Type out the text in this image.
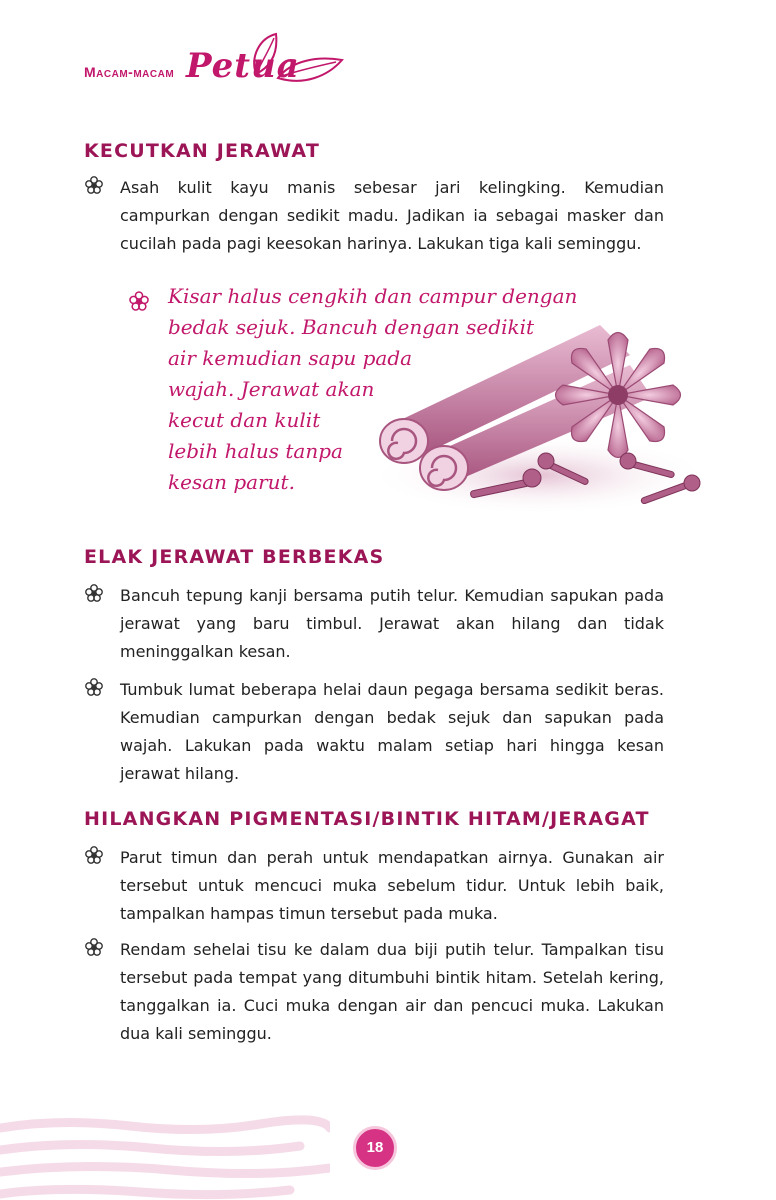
Macam-macam Petua
KECUTKAN JERAWAT
Asah kulit kayu manis sebesar jari kelingking. Kemudian campurkan dengan sedikit madu. Jadikan ia sebagai masker dan cucilah pada pagi keesokan harinya. Lakukan tiga kali seminggu.
Kisar halus cengkih dan campur dengan
bedak sejuk. Bancuh dengan sedikit
air kemudian sapu pada
wajah. Jerawat akan
kecut dan kulit
lebih halus tanpa
kesan parut.
ELAK JERAWAT BERBEKAS
Bancuh tepung kanji bersama putih telur. Kemudian sapukan pada jerawat yang baru timbul. Jerawat akan hilang dan tidak meninggalkan kesan.
Tumbuk lumat beberapa helai daun pegaga bersama sedikit beras. Kemudian campurkan dengan bedak sejuk dan sapukan pada wajah. Lakukan pada waktu malam setiap hari hingga kesan jerawat hilang.
HILANGKAN PIGMENTASI/BINTIK HITAM/JERAGAT
Parut timun dan perah untuk mendapatkan airnya. Gunakan air tersebut untuk mencuci muka sebelum tidur. Untuk lebih baik, tampalkan hampas timun tersebut pada muka.
Rendam sehelai tisu ke dalam dua biji putih telur. Tampalkan tisu tersebut pada tempat yang ditumbuhi bintik hitam. Setelah kering, tanggalkan ia. Cuci muka dengan air dan pencuci muka. Lakukan dua kali seminggu.
18
